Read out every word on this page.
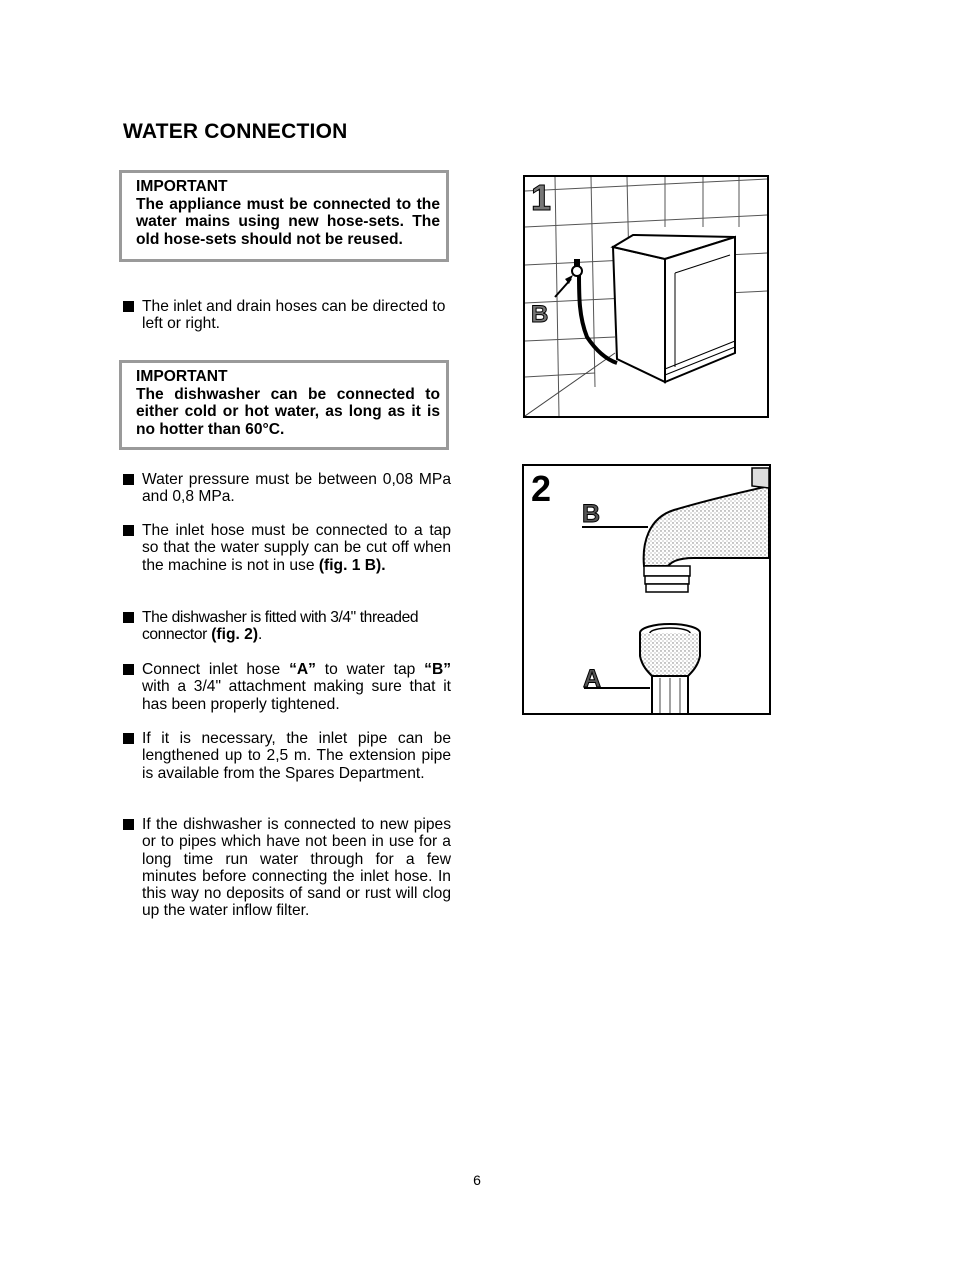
WATER CONNECTION
IMPORTANT
The appliance must be connected to the water mains using new hose-sets. The old hose-sets should not be reused.
The inlet and drain hoses can be directed to left or right.
IMPORTANT
The dishwasher can be connected to either cold or hot water, as long as it is no hotter than 60°C.
Water pressure must be between 0,08 MPa and 0,8 MPa.
The inlet hose must be connected to a tap so that the water supply can be cut off when the machine is not in use (fig. 1 B).
The dishwasher is fitted with 3/4" threaded connector (fig. 2).
Connect inlet hose “A” to water tap “B” with a 3/4" attachment making sure that it has been properly tightened.
If it is necessary, the inlet pipe can be lengthened up to 2,5 m. The extension pipe is available from the Spares Department.
If the dishwasher is connected to new pipes or to pipes which have not been in use for a long time run water through for a few minutes before connecting the inlet hose. In this way no deposits of sand or rust will clog up the water inflow filter.
1
B
2
B
A
6
